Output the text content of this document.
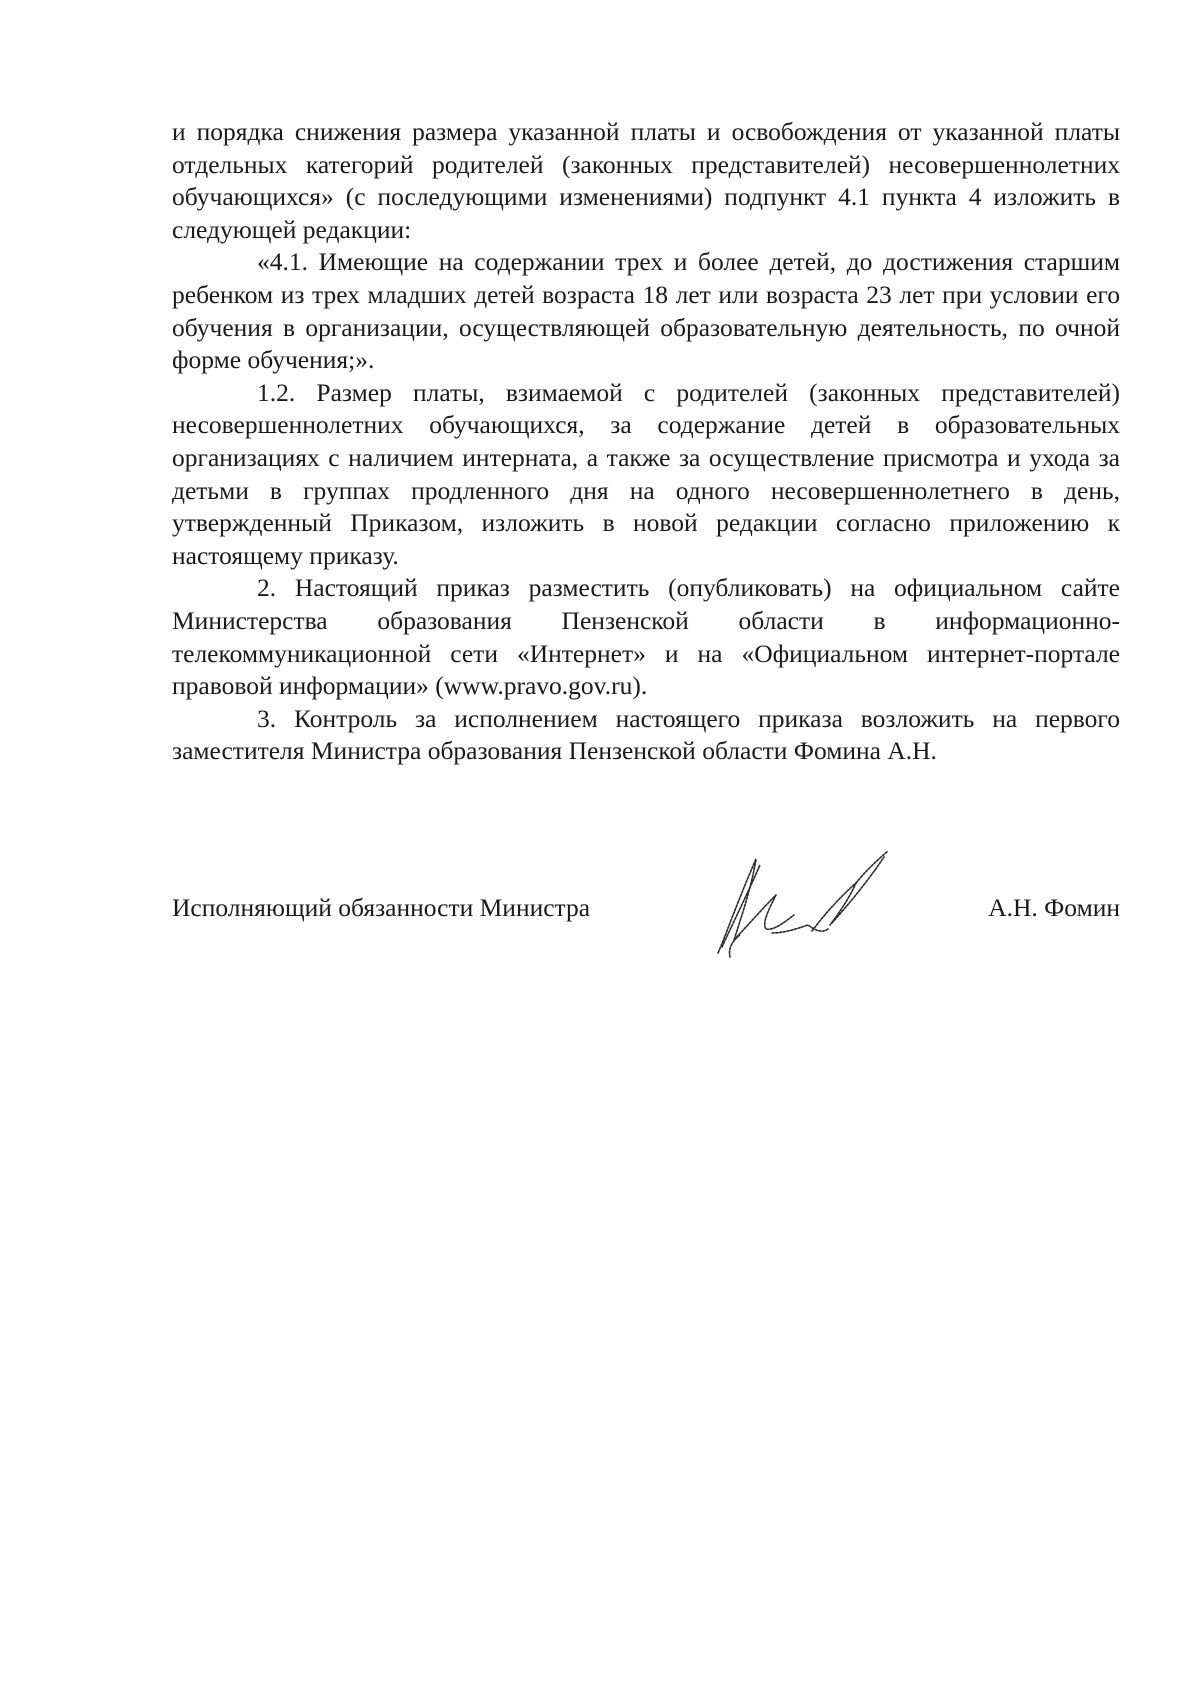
и порядка снижения размера указанной платы и освобождения от указанной платы отдельных категорий родителей (законных представителей) несовершеннолетних обучающихся» (с последующими изменениями) подпункт 4.1 пункта 4 изложить в следующей редакции:

«4.1. Имеющие на содержании трех и более детей, до достижения старшим ребенком из трех младших детей возраста 18 лет или возраста 23 лет при условии его обучения в организации, осуществляющей образовательную деятельность, по очной форме обучения;».

1.2. Размер платы, взимаемой с родителей (законных представителей) несовершеннолетних обучающихся, за содержание детей в образовательных организациях с наличием интерната, а также за осуществление присмотра и ухода за детьми в группах продленного дня на одного несовершеннолетнего в день, утвержденный Приказом, изложить в новой редакции согласно приложению к настоящему приказу.

2. Настоящий приказ разместить (опубликовать) на официальном сайте Министерства образования Пензенской области в информационно-телекоммуникационной сети «Интернет» и на «Официальном интернет-портале правовой информации» (www.pravo.gov.ru).

3. Контроль за исполнением настоящего приказа возложить на первого заместителя Министра образования Пензенской области Фомина А.Н.

Исполняющий обязанности Министра	А.Н. Фомин
